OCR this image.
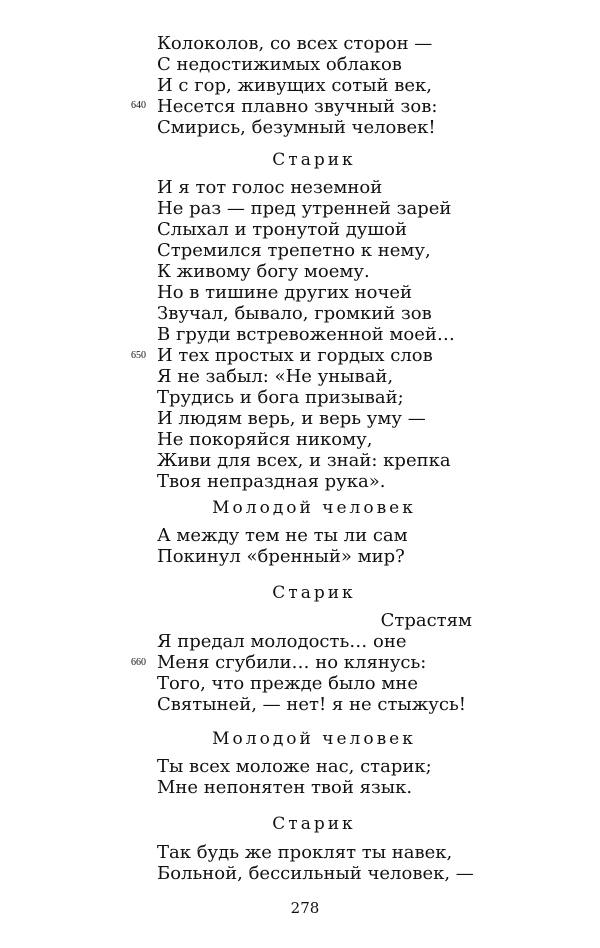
Колоколов, со всех сторон —
С недостижимых облаков
И с гор, живущих сотый век,
Несется плавно звучный зов:
Смирись, безумный человек!
640
Старик
И я тот голос неземной
Не раз — пред утренней зарей
Слыхал и тронутой душой
Стремился трепетно к нему,
К живому богу моему.
Но в тишине других ночей
Звучал, бывало, громкий зов
В груди встревоженной моей…
И тех простых и гордых слов
Я не забыл: «Не унывай,
Трудись и бога призывай;
И людям верь, и верь уму —
Не покоряйся никому,
Живи для всех, и знай: крепка
Твоя непраздная рука».
650
Молодой человек
А между тем не ты ли сам
Покинул «бренный» мир?
Старик
Страстям
Я предал молодость… оне
Меня сгубили… но клянусь:
Того, что прежде было мне
Святыней, — нет! я не стыжусь!
660
Молодой человек
Ты всех моложе нас, старик;
Мне непонятен твой язык.
Старик
Так будь же проклят ты навек,
Больной, бессильный человек, —
278
